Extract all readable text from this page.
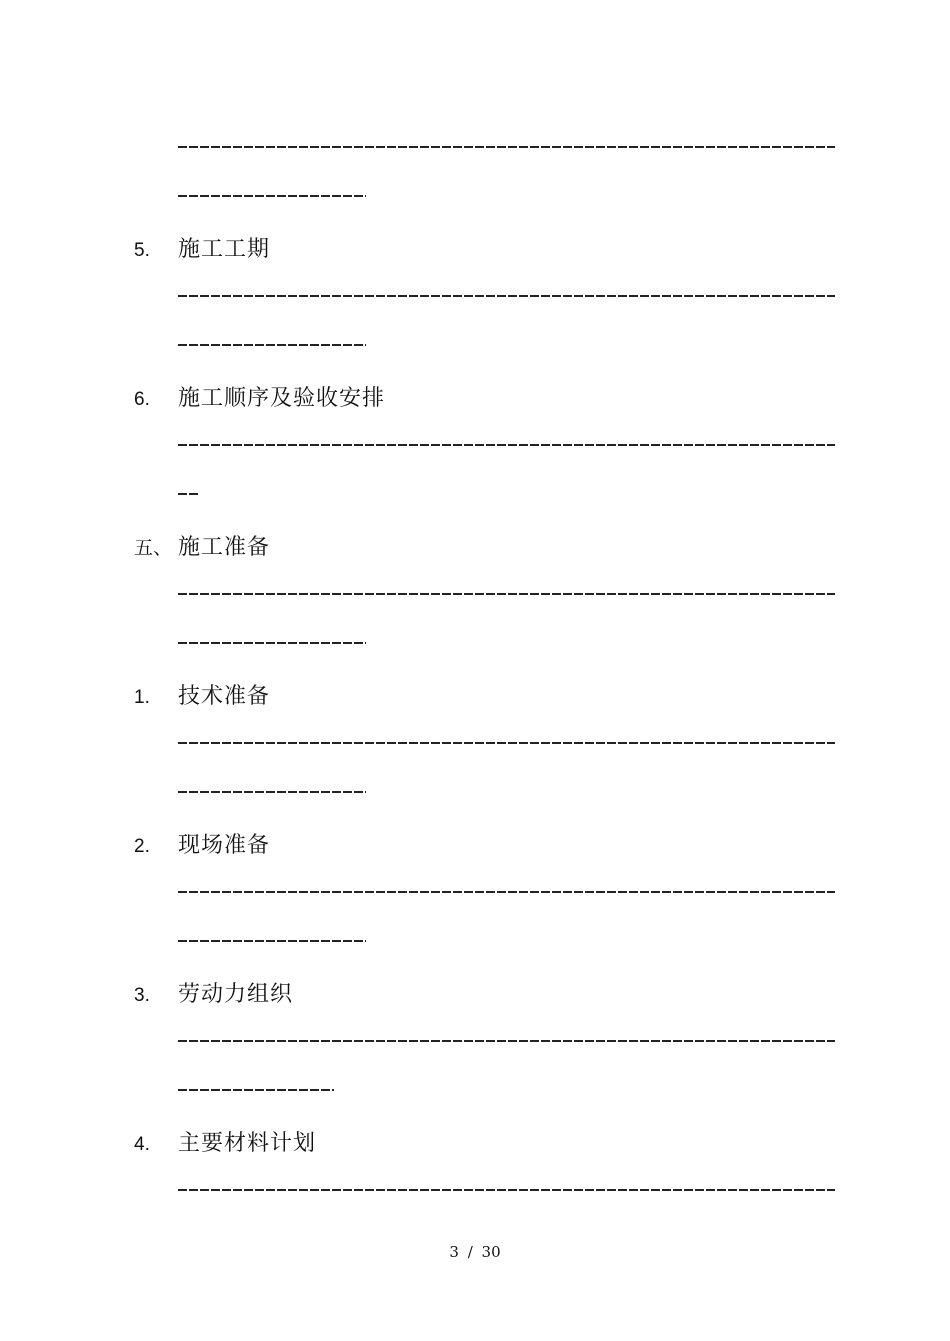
5.	施工工期
6.	施工顺序及验收安排
五、 施工准备
1.	技术准备
2.	现场准备
3.	劳动力组织
4.	主要材料计划
3 / 30
